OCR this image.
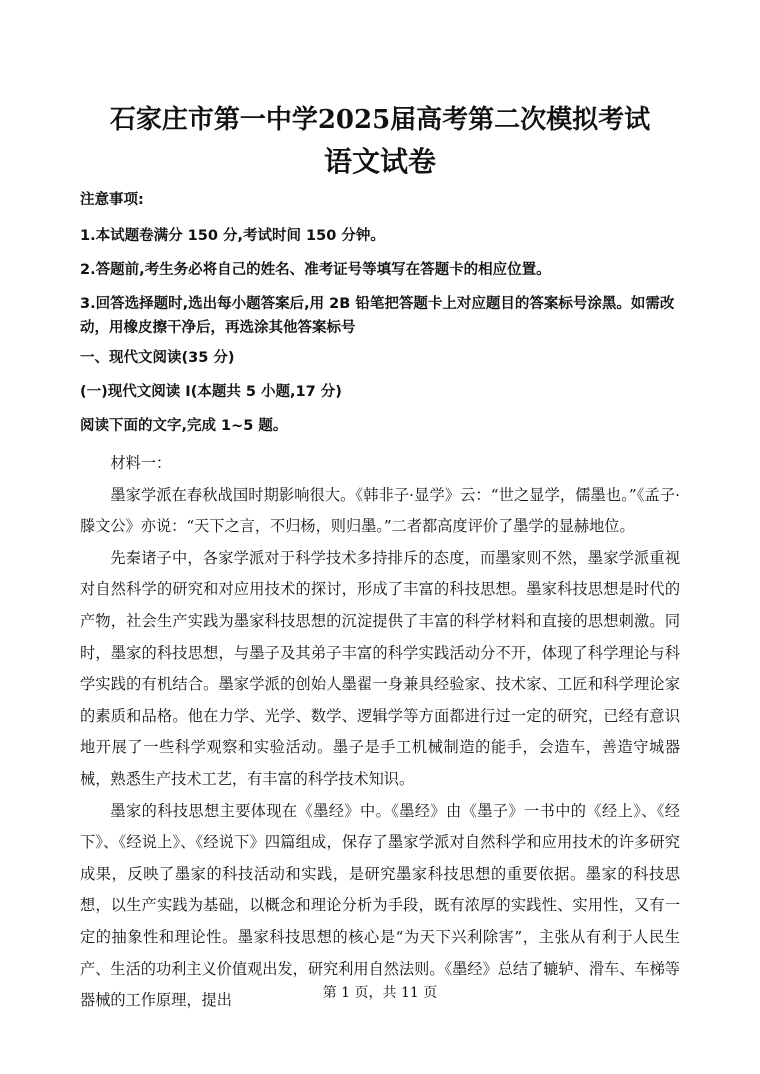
石家庄市第一中学2025届高考第二次模拟考试
语文试卷
注意事项:
1.本试题卷满分 150 分,考试时间 150 分钟。
2.答题前,考生务必将自己的姓名、准考证号等填写在答题卡的相应位置。
3.回答选择题时,选出每小题答案后,用 2B 铅笔把答题卡上对应题目的答案标号涂黑。如需改动，用橡皮擦干净后，再选涂其他答案标号
一、现代文阅读(35 分)
(一)现代文阅读 I(本题共 5 小题,17 分)
阅读下面的文字,完成 1~5 题。

材料一：

墨家学派在春秋战国时期影响很大。《韩非子·显学》云：“世之显学，儒墨也。”《孟子·滕文公》亦说：“天下之言，不归杨，则归墨。”二者都高度评价了墨学的显赫地位。

先秦诸子中，各家学派对于科学技术多持排斥的态度，而墨家则不然，墨家学派重视对自然科学的研究和对应用技术的探讨，形成了丰富的科技思想。墨家科技思想是时代的产物，社会生产实践为墨家科技思想的沉淀提供了丰富的科学材料和直接的思想刺激。同时，墨家的科技思想，与墨子及其弟子丰富的科学实践活动分不开，体现了科学理论与科学实践的有机结合。墨家学派的创始人墨翟一身兼具经验家、技术家、工匠和科学理论家的素质和品格。他在力学、光学、数学、逻辑学等方面都进行过一定的研究，已经有意识地开展了一些科学观察和实验活动。墨子是手工机械制造的能手，会造车，善造守城器械，熟悉生产技术工艺，有丰富的科学技术知识。

墨家的科技思想主要体现在《墨经》中。《墨经》由《墨子》一书中的《经上》、《经下》、《经说上》、《经说下》四篇组成，保存了墨家学派对自然科学和应用技术的许多研究成果，反映了墨家的科技活动和实践，是研究墨家科技思想的重要依据。墨家的科技思想，以生产实践为基础，以概念和理论分析为手段，既有浓厚的实践性、实用性，又有一定的抽象性和理论性。墨家科技思想的核心是“为天下兴利除害”，主张从有利于人民生产、生活的功利主义价值观出发，研究利用自然法则。《墨经》总结了辘轳、滑车、车梯等器械的工作原理，提出	第 1 页，共 11 页
